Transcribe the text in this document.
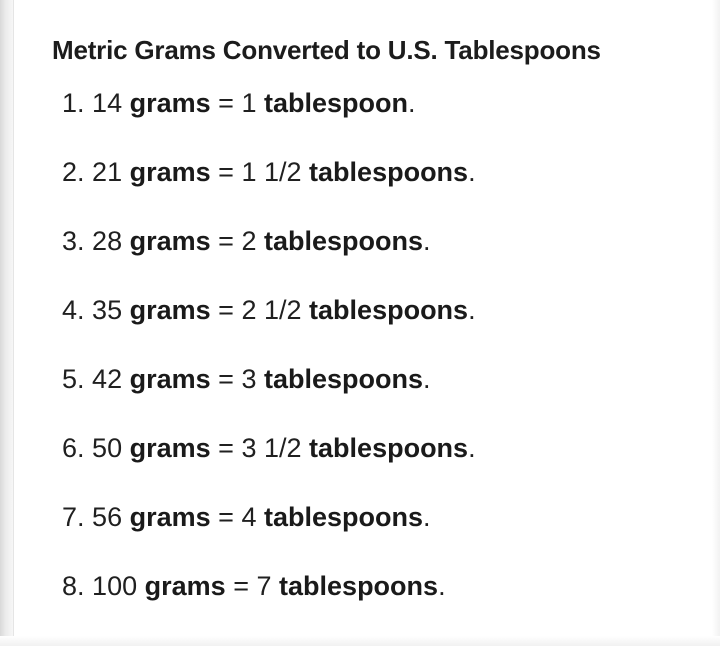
Metric Grams Converted to U.S. Tablespoons
1. 14 grams = 1 tablespoon.
2. 21 grams = 1 1/2 tablespoons.
3. 28 grams = 2 tablespoons.
4. 35 grams = 2 1/2 tablespoons.
5. 42 grams = 3 tablespoons.
6. 50 grams = 3 1/2 tablespoons.
7. 56 grams = 4 tablespoons.
8. 100 grams = 7 tablespoons.
